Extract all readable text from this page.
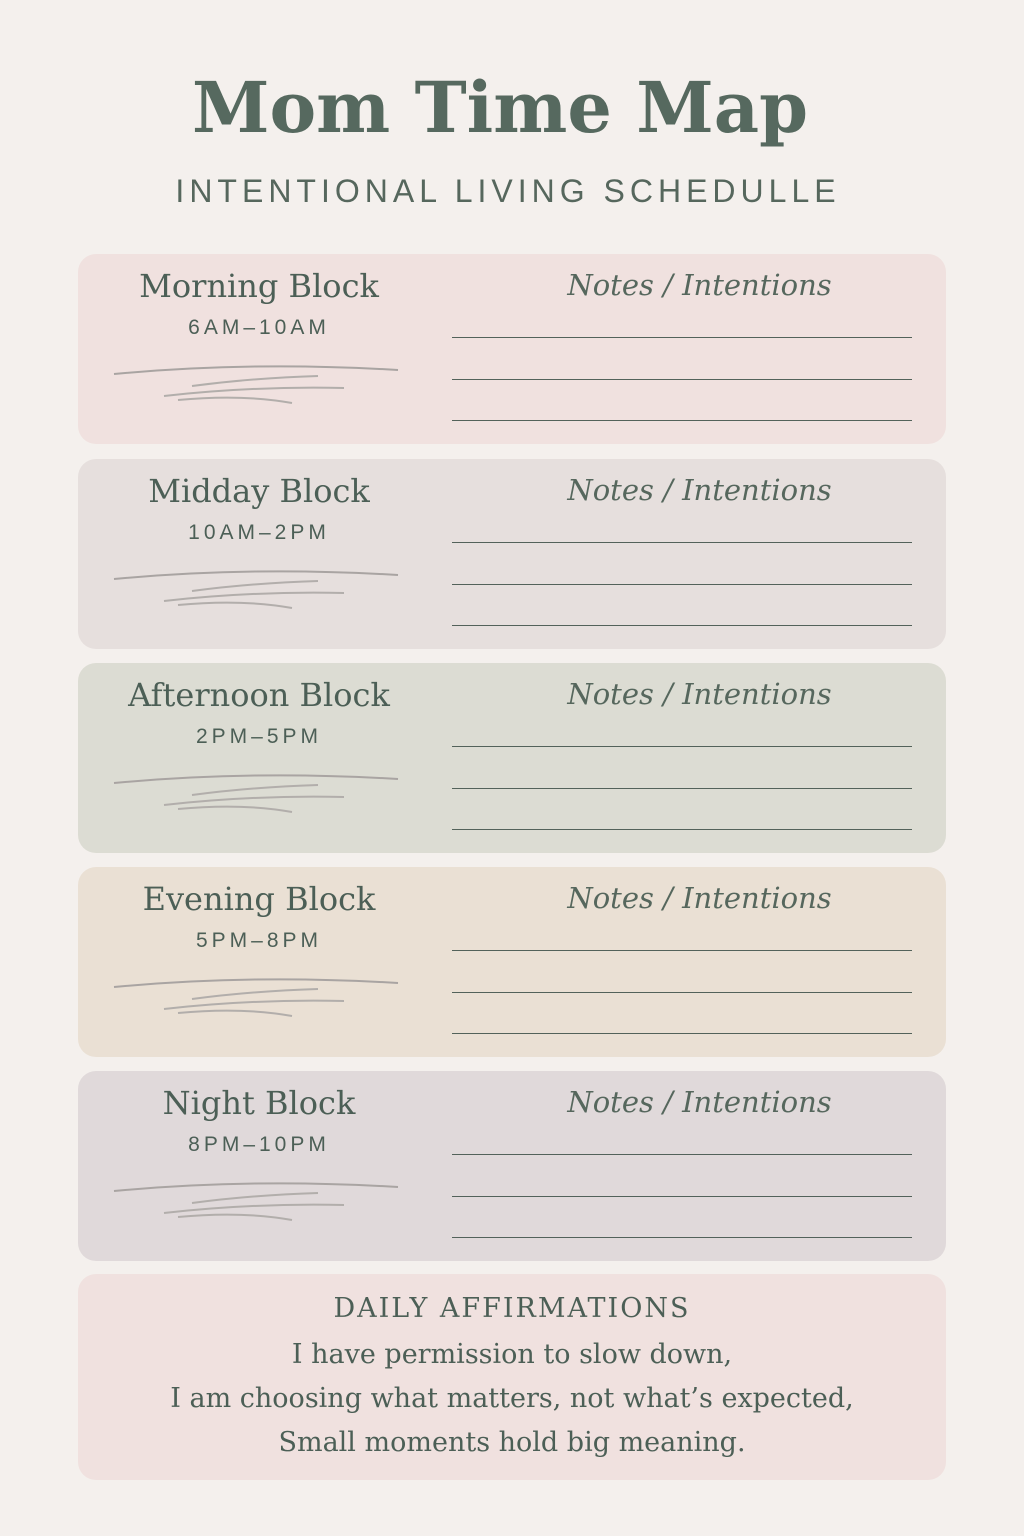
Mom Time Map
INTENTIONAL LIVING SCHEDULLE
Morning Block
6AM–10AM
Notes / Intentions
Midday Block
10AM–2PM
Notes / Intentions
Afternoon Block
2PM–5PM
Notes / Intentions
Evening Block
5PM–8PM
Notes / Intentions
Night Block
8PM–10PM
Notes / Intentions
DAILY AFFIRMATIONS
I have permission to slow down,
I am choosing what matters, not what’s expected,
Small moments hold big meaning.
